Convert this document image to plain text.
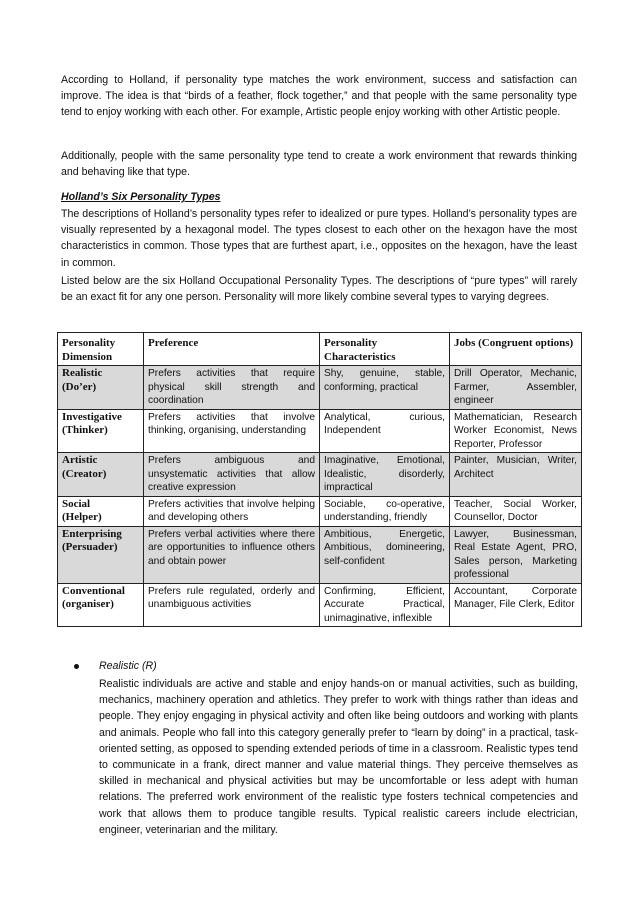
According to Holland, if personality type matches the work environment, success and satisfaction can improve. The idea is that “birds of a feather, flock together,” and that people with the same personality type tend to enjoy working with each other. For example, Artistic people enjoy working with other Artistic people.

Additionally, people with the same personality type tend to create a work environment that rewards thinking and behaving like that type.

Holland’s Six Personality Types

The descriptions of Holland’s personality types refer to idealized or pure types. Holland’s personality types are visually represented by a hexagonal model. The types closest to each other on the hexagon have the most characteristics in common. Those types that are furthest apart, i.e., opposites on the hexagon, have the least in common.

Listed below are the six Holland Occupational Personality Types. The descriptions of “pure types” will rarely be an exact fit for any one person. Personality will more likely combine several types to varying degrees.

Personality Dimension	Preference	Personality Characteristics	Jobs (Congruent options)
Realistic
(Do’er)	Prefers activities that require physical skill strength and coordination	Shy, genuine, stable, conforming, practical	Drill Operator, Mechanic, Farmer, Assembler, engineer
Investigative
(Thinker)	Prefers activities that involve thinking, organising, understanding	Analytical, curious, Independent	Mathematician, Research Worker Economist, News Reporter, Professor
Artistic
(Creator)	Prefers ambiguous and unsystematic activities that allow creative expression	Imaginative, Emotional, Idealistic, disorderly, impractical	Painter, Musician, Writer, Architect
Social
(Helper)	Prefers activities that involve helping and developing others	Sociable, co-operative, understanding, friendly	Teacher, Social Worker, Counsellor, Doctor
Enterprising
(Persuader)	Prefers verbal activities where there are opportunities to influence others and obtain power	Ambitious, Energetic, Ambitious, domineering, self-confident	Lawyer, Businessman, Real Estate Agent, PRO, Sales person, Marketing professional
Conventional
(organiser)	Prefers rule regulated, orderly and unambiguous activities	Confirming, Efficient, Accurate Practical, unimaginative, inflexible	Accountant, Corporate Manager, File Clerk, Editor

Realistic (R)

Realistic individuals are active and stable and enjoy hands-on or manual activities, such as building, mechanics, machinery operation and athletics. They prefer to work with things rather than ideas and people. They enjoy engaging in physical activity and often like being outdoors and working with plants and animals. People who fall into this category generally prefer to “learn by doing” in a practical, task-oriented setting, as opposed to spending extended periods of time in a classroom. Realistic types tend to communicate in a frank, direct manner and value material things. They perceive themselves as skilled in mechanical and physical activities but may be uncomfortable or less adept with human relations. The preferred work environment of the realistic type fosters technical competencies and work that allows them to produce tangible results. Typical realistic careers include electrician, engineer, veterinarian and the military.
